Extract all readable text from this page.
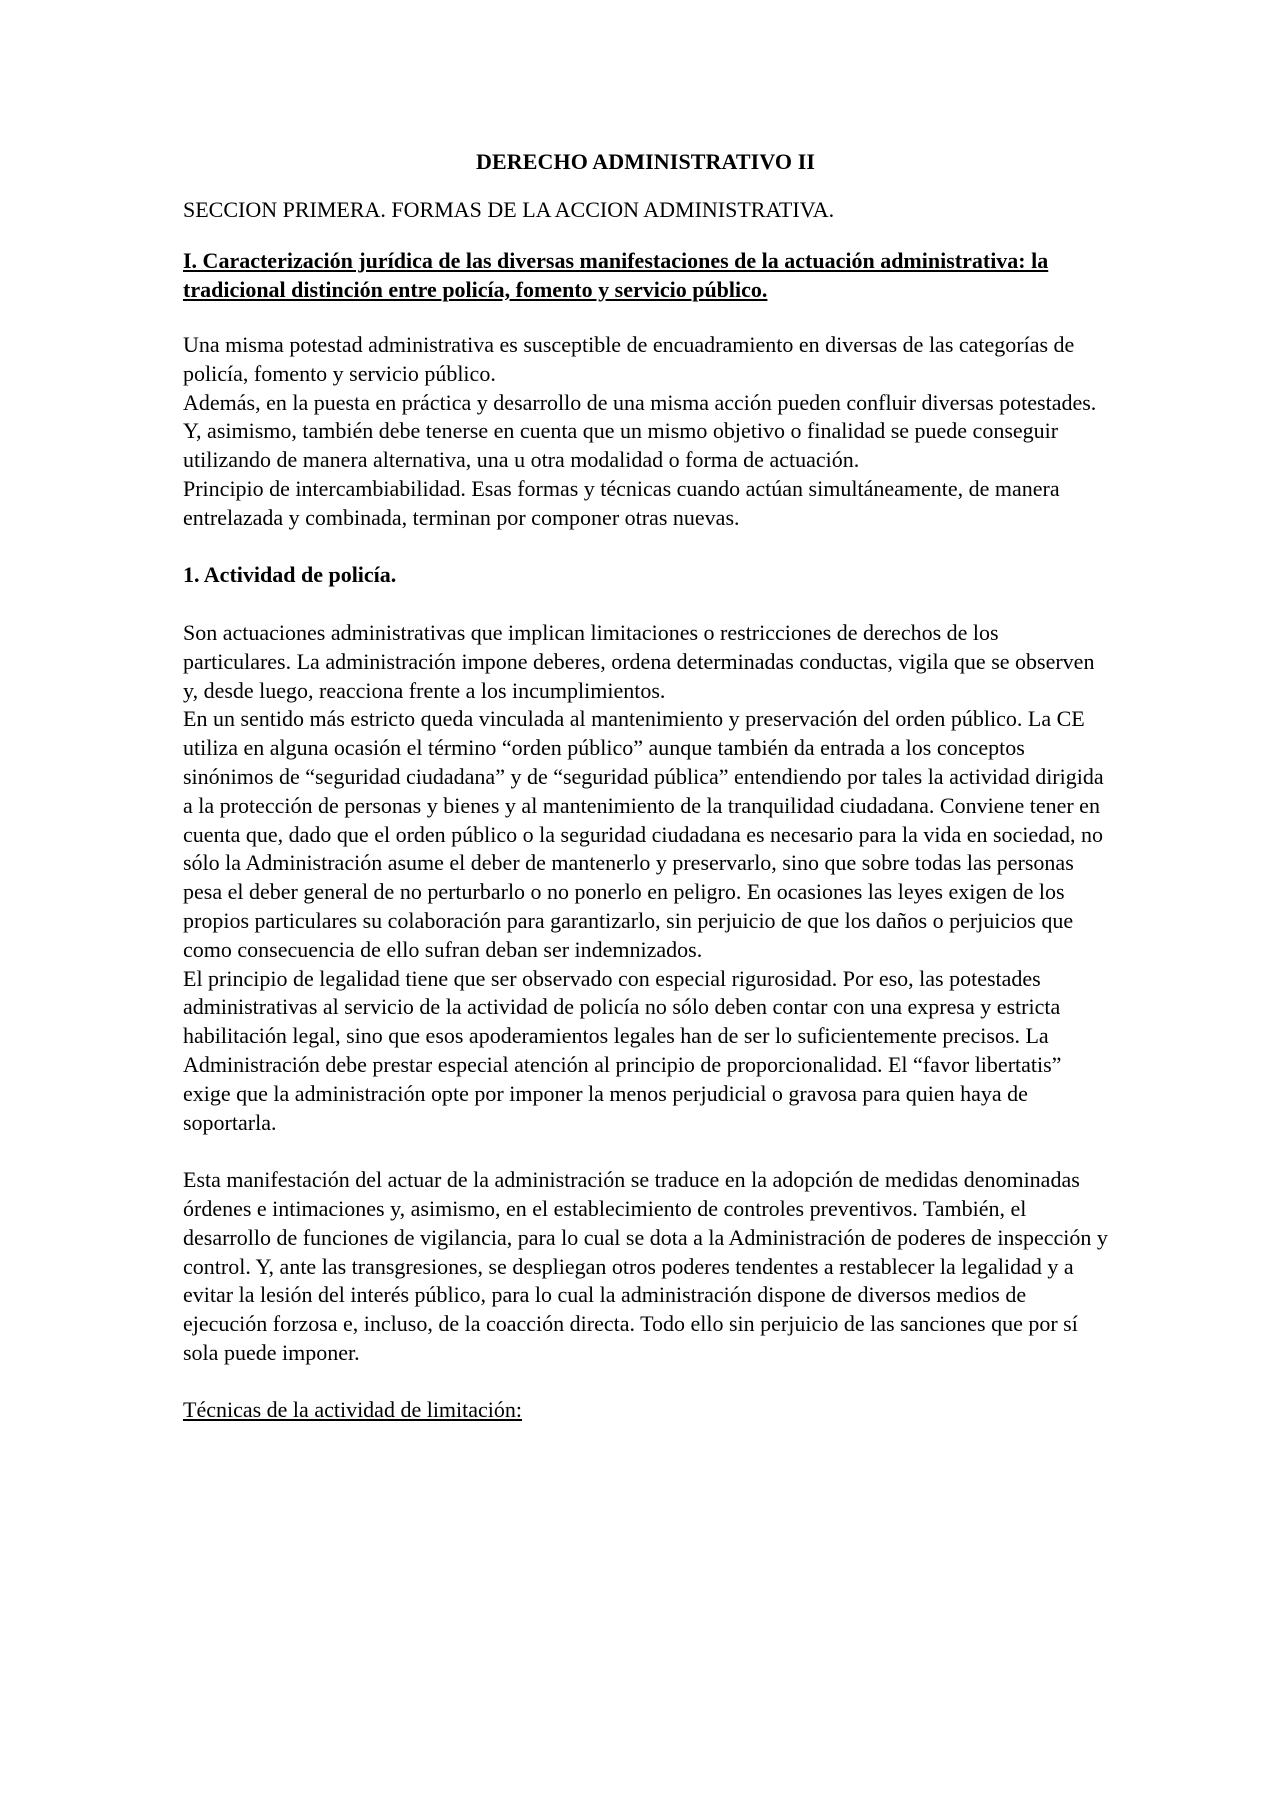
DERECHO ADMINISTRATIVO II
SECCION PRIMERA. FORMAS DE LA ACCION ADMINISTRATIVA.
I. Caracterización jurídica de las diversas manifestaciones de la actuación administrativa: la tradicional distinción entre policía, fomento y servicio público.

Una misma potestad administrativa es susceptible de encuadramiento en diversas de las categorías de policía, fomento y servicio público.

Además, en la puesta en práctica y desarrollo de una misma acción pueden confluir diversas potestades. Y, asimismo, también debe tenerse en cuenta que un mismo objetivo o finalidad se puede conseguir utilizando de manera alternativa, una u otra modalidad o forma de actuación.

Principio de intercambiabilidad. Esas formas y técnicas cuando actúan simultáneamente, de manera entrelazada y combinada, terminan por componer otras nuevas.

1. Actividad de policía.

Son actuaciones administrativas que implican limitaciones o restricciones de derechos de los particulares. La administración impone deberes, ordena determinadas conductas, vigila que se observen y, desde luego, reacciona frente a los incumplimientos.

En un sentido más estricto queda vinculada al mantenimiento y preservación del orden público. La CE utiliza en alguna ocasión el término “orden público” aunque también da entrada a los conceptos sinónimos de “seguridad ciudadana” y de “seguridad pública” entendiendo por tales la actividad dirigida a la protección de personas y bienes y al mantenimiento de la tranquilidad ciudadana. Conviene tener en cuenta que, dado que el orden público o la seguridad ciudadana es necesario para la vida en sociedad, no sólo la Administración asume el deber de mantenerlo y preservarlo, sino que sobre todas las personas pesa el deber general de no perturbarlo o no ponerlo en peligro. En ocasiones las leyes exigen de los propios particulares su colaboración para garantizarlo, sin perjuicio de que los daños o perjuicios que como consecuencia de ello sufran deban ser indemnizados.

El principio de legalidad tiene que ser observado con especial rigurosidad. Por eso, las potestades administrativas al servicio de la actividad de policía no sólo deben contar con una expresa y estricta habilitación legal, sino que esos apoderamientos legales han de ser lo suficientemente precisos. La Administración debe prestar especial atención al principio de proporcionalidad. El “favor libertatis” exige que la administración opte por imponer la menos perjudicial o gravosa para quien haya de soportarla.

Esta manifestación del actuar de la administración se traduce en la adopción de medidas denominadas órdenes e intimaciones y, asimismo, en el establecimiento de controles preventivos. También, el desarrollo de funciones de vigilancia, para lo cual se dota a la Administración de poderes de inspección y control. Y, ante las transgresiones, se despliegan otros poderes tendentes a restablecer la legalidad y a evitar la lesión del interés público, para lo cual la administración dispone de diversos medios de ejecución forzosa e, incluso, de la coacción directa. Todo ello sin perjuicio de las sanciones que por sí sola puede imponer.

Técnicas de la actividad de limitación:
